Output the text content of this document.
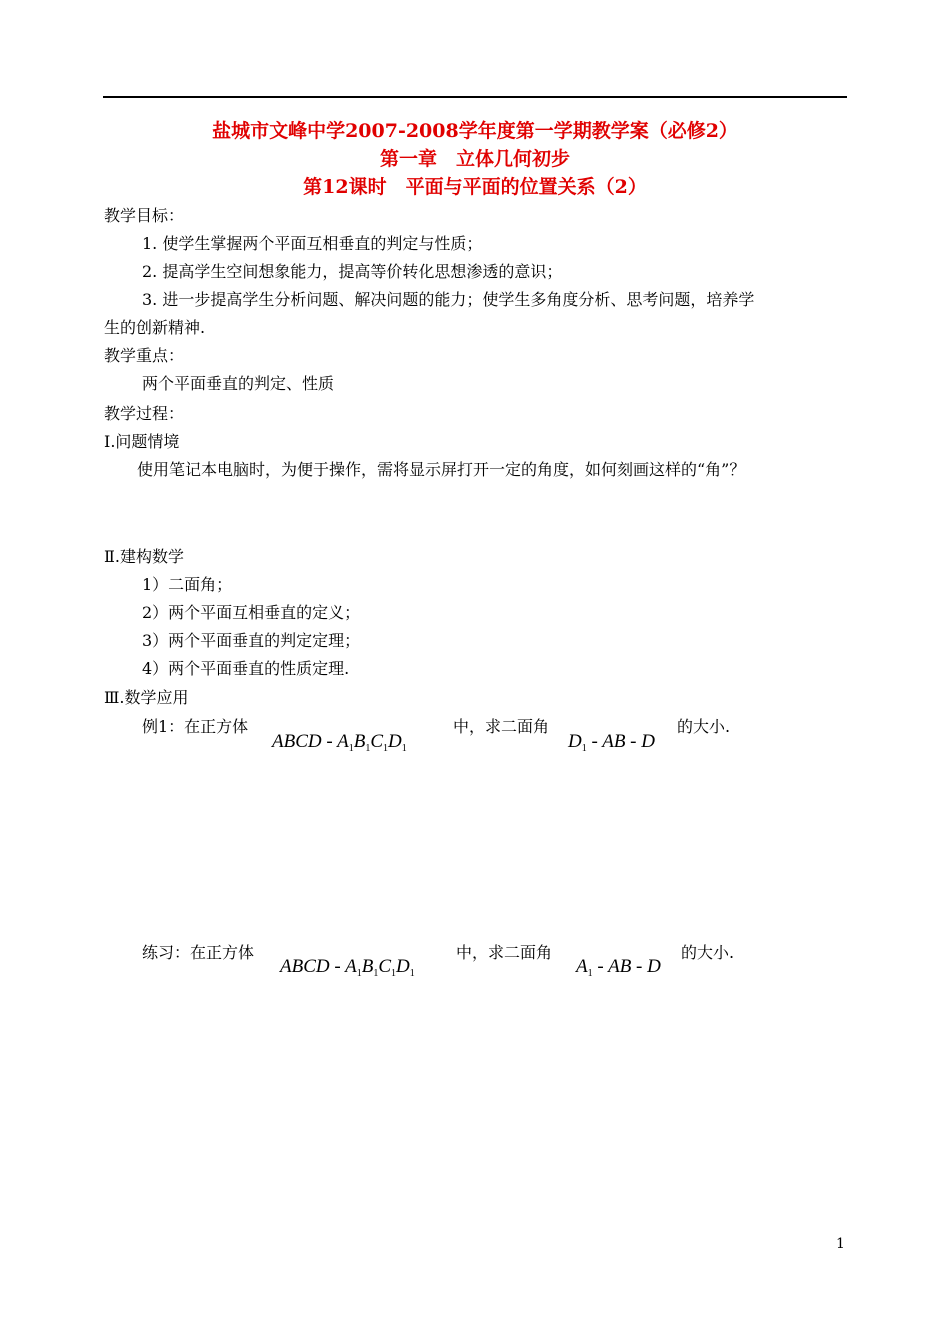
盐城市文峰中学2007-2008学年度第一学期教学案（必修2）
第一章　立体几何初步
第12课时　平面与平面的位置关系（2）
教学目标：
1. 使学生掌握两个平面互相垂直的判定与性质；
2. 提高学生空间想象能力，提高等价转化思想渗透的意识；
3. 进一步提高学生分析问题、解决问题的能力；使学生多角度分析、思考问题，培养学
生的创新精神.
教学重点：
两个平面垂直的判定、性质
教学过程：
Ⅰ.问题情境
使用笔记本电脑时，为便于操作，需将显示屏打开一定的角度，如何刻画这样的“角”？
Ⅱ.建构数学
1）二面角；
2）两个平面互相垂直的定义；
3）两个平面垂直的判定定理；
4）两个平面垂直的性质定理.
Ⅲ.数学应用
例1：在正方体
ABCD - $A_1B_1C_1D_1$
中，求二面角
$D_1$ - AB - D
的大小.
练习：在正方体
ABCD - $A_1B_1C_1D_1$
中，求二面角
$A_1$ - AB - D
的大小.
1
